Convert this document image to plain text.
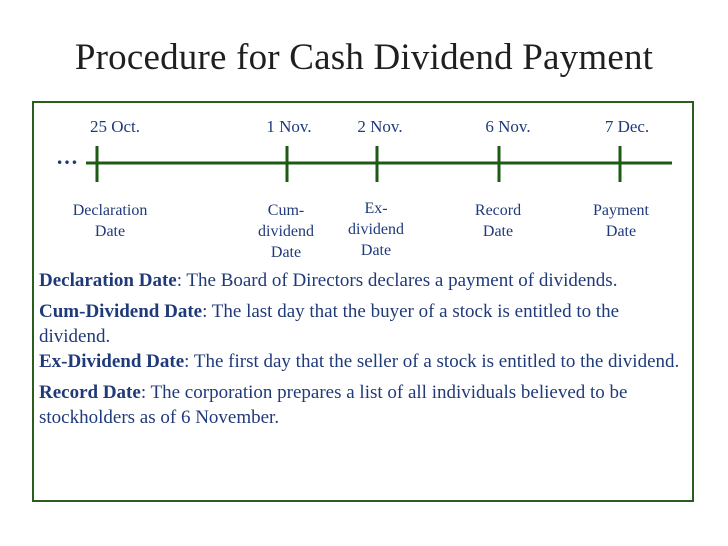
Procedure for Cash Dividend Payment
…
25 Oct.	1 Nov.	2 Nov.	6 Nov.	7 Dec.
Declaration
Date
Cum-
dividend
Date
Ex-
dividend
Date
Record
Date
Payment
Date

Declaration Date: The Board of Directors declares a payment of dividends.

Cum-Dividend Date: The last day that the buyer of a stock is entitled to the dividend.

Ex-Dividend Date: The first day that the seller of a stock is entitled to the dividend.

Record Date: The corporation prepares a list of all individuals believed to be stockholders as of 6 November.
